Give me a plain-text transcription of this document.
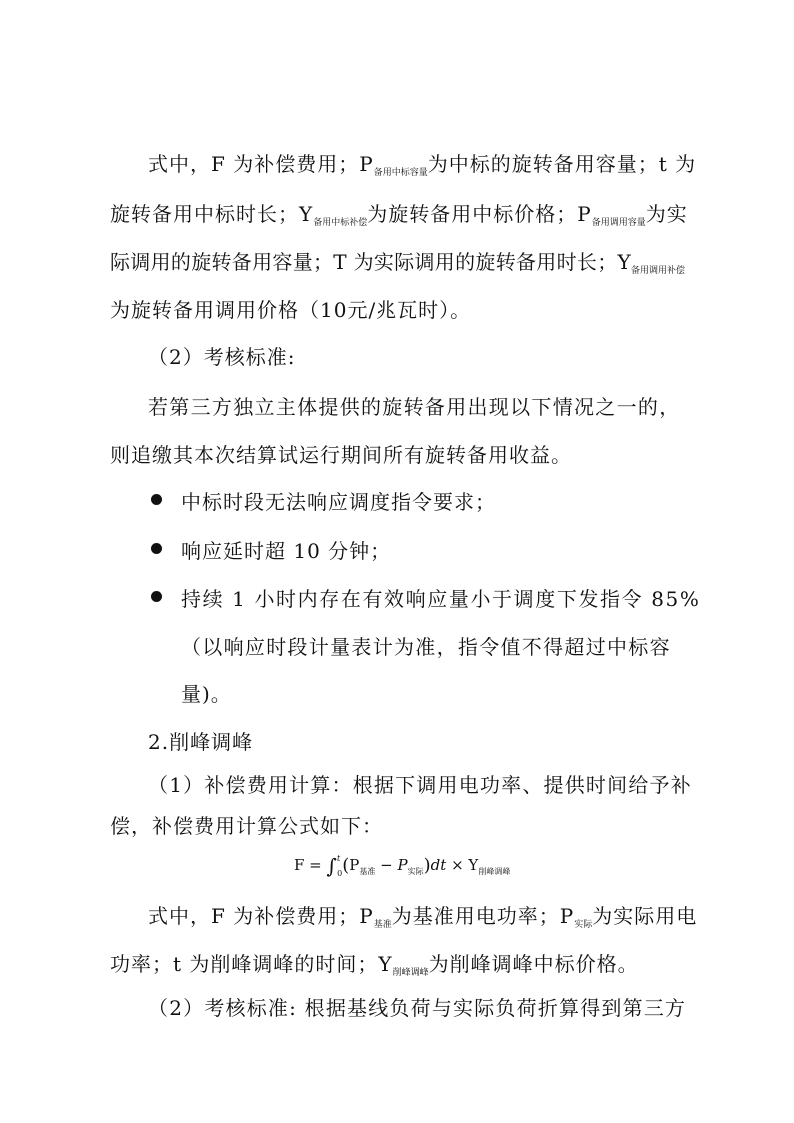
式中，F 为补偿费用；$P_{备用中标容量}$为中标的旋转备用容量；t 为
旋转备用中标时长；$Y_{备用中标补偿}$为旋转备用中标价格；$P_{备用调用容量}$为实
际调用的旋转备用容量；T 为实际调用的旋转备用时长；$Y_{备用调用补偿}$
为旋转备用调用价格（10元/兆瓦时）。
（2）考核标准:
若第三方独立主体提供的旋转备用出现以下情况之一的，
则追缴其本次结算试运行期间所有旋转备用收益。
中标时段无法响应调度指令要求；
响应延时超 10 分钟；
持续 1 小时内存在有效响应量小于调度下发指令 85%
（以响应时段计量表计为准，指令值不得超过中标容
量)。
2.削峰调峰
（1）补偿费用计算：根据下调用电功率、提供时间给予补
偿，补偿费用计算公式如下：
$F = \int^t_0(P_{基准} - P_{实际})dt \times Y_{削峰调峰}$
式中，F 为补偿费用；$P_{基准}$为基准用电功率；$P_{实际}$为实际用电
功率；t 为削峰调峰的时间；$Y_{削峰调峰}$为削峰调峰中标价格。
（2）考核标准: 根据基线负荷与实际负荷折算得到第三方
